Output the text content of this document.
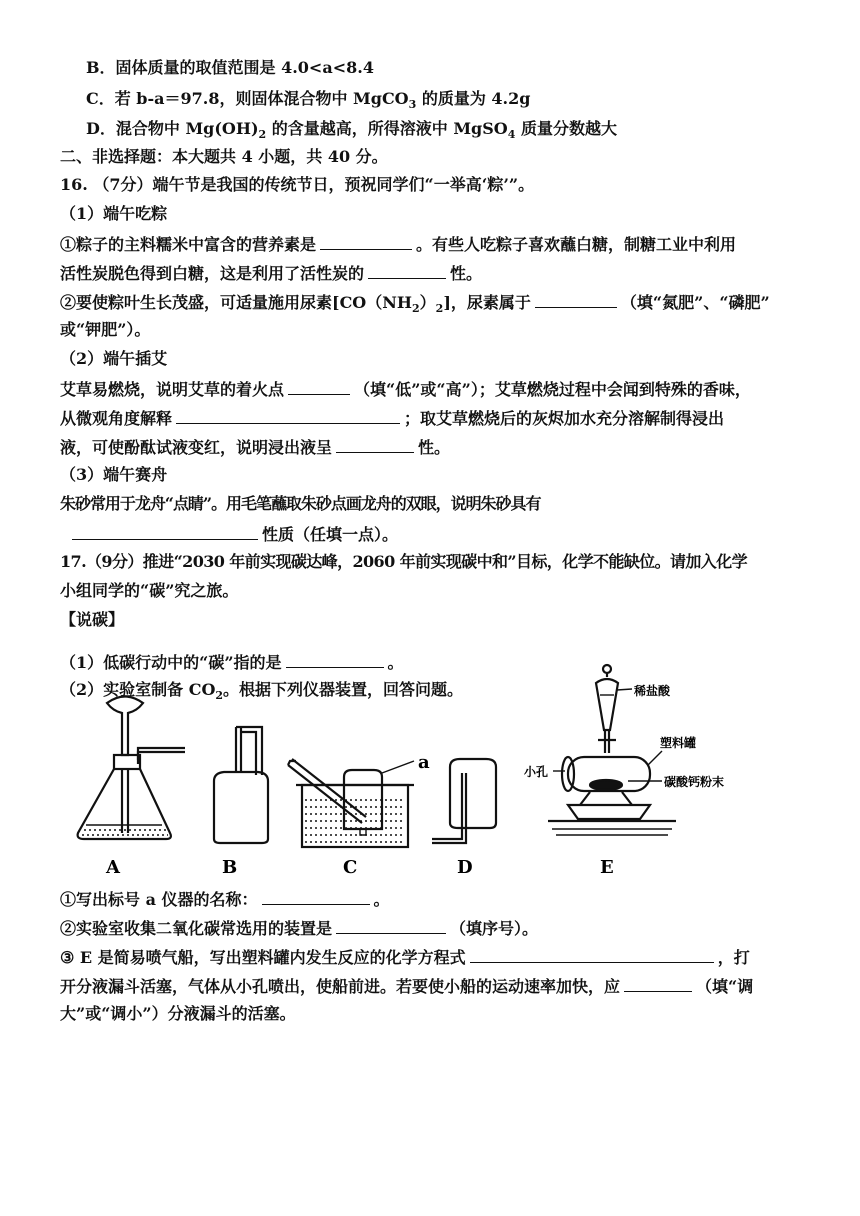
B．固体质量的取值范围是 4.0<a<8.4
C．若 b-a＝97.8，则固体混合物中 MgCO$_3$ 的质量为 4.2g
D．混合物中 $Mg(OH)_2$ 的含量越高，所得溶液中 MgSO$_4$ 质量分数越大
二、非选择题：本大题共 4 小题，共 40 分。
16. （7分）端午节是我国的传统节日，预祝同学们“一举高‘粽’”。
（1）端午吃粽
①粽子的主料糯米中富含的营养素是	。有些人吃粽子喜欢蘸白糖，制糖工业中利用
活性炭脱色得到白糖，这是利用了活性炭的	性。
②要使粽叶生长茂盛，可适量施用尿素$[CO(NH_2)_2]$，尿素属于	（填“氮肥”、“磷肥”
或“钾肥”）。
（2）端午插艾
艾草易燃烧，说明艾草的着火点	（填“低”或“高”）；艾草燃烧过程中会闻到特殊的香味，
从微观角度解释	；取艾草燃烧后的灰烬加水充分溶解制得浸出
液，可使酚酞试液变红，说明浸出液呈	性。
（3）端午赛舟
朱 砂 常 用 于 龙 舟 “ 点 睛 ” 。 用 毛 笔 蘸 取 朱 砂 点 画 龙 舟 的 双 眼 ， 说 明 朱 砂 具 有
性质（任填一点）。
17.（9分）推进“2030 年前实现碳达峰，2060 年前实现碳中和”目标，化学不能缺位。请加入化学
小组同学的“碳”究之旅。
【说碳】
（1）低碳行动中的“碳”指的是	。
（2）实验室制备 $CO_2$。根据下列仪器装置，回答问题。
a
稀盐酸
塑料罐
小孔
碳酸钙粉末
A	B	C	D	E
①写出标号 a 仪器的名称：	。
②实验室收集二氧化碳常选用的装置是	（填序号）。
③ E 是简易喷气船，写出塑料罐内发生反应的化学方程式	，打
开分液漏斗活塞，气体从小孔喷出，使船前进。若要使小船的运动速率加快，应	（填“调
大”或“调小”）分液漏斗的活塞。
